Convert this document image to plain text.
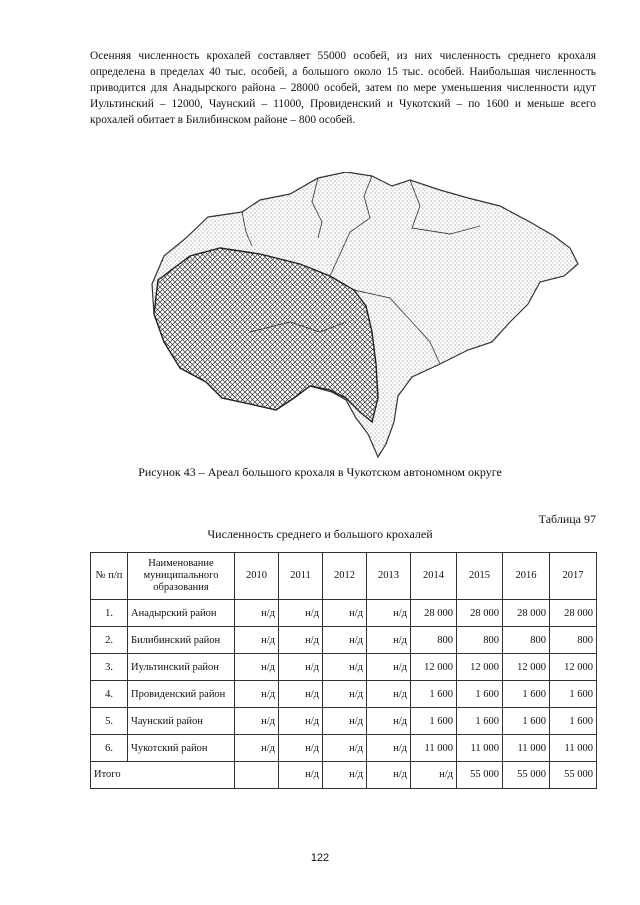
Осенняя численность крохалей составляет 55000 особей, из них численность среднего крохаля определена в пределах 40 тыс. особей, а большого около 15 тыс. особей. Наибольшая численность приводится для Анадырского района – 28000 особей, затем по мере уменьшения численности идут Иультинский – 12000, Чаунский – 11000, Провиденский и Чукотский – по 1600 и меньше всего крохалей обитает в Билибинском районе – 800 особей.

Рисунок 43 – Ареал большого крохаля в Чукотском автономном округе
Таблица 97
Численность среднего и большого крохалей
№ п/п	Наименование муниципального образования	2010	2011	2012	2013	2014	2015	2016	2017
1.	Анадырский район	н/д	н/д	н/д	н/д	28 000	28 000	28 000	28 000
2.	Билибинский район	н/д	н/д	н/д	н/д	800	800	800	800
3.	Иультинский район	н/д	н/д	н/д	н/д	12 000	12 000	12 000	12 000
4.	Провиденский район	н/д	н/д	н/д	н/д	1 600	1 600	1 600	1 600
5.	Чаунский район	н/д	н/д	н/д	н/д	1 600	1 600	1 600	1 600
6.	Чукотский район	н/д	н/д	н/д	н/д	11 000	11 000	11 000	11 000
Итого			н/д	н/д	н/д	н/д	55 000	55 000	55 000
122
